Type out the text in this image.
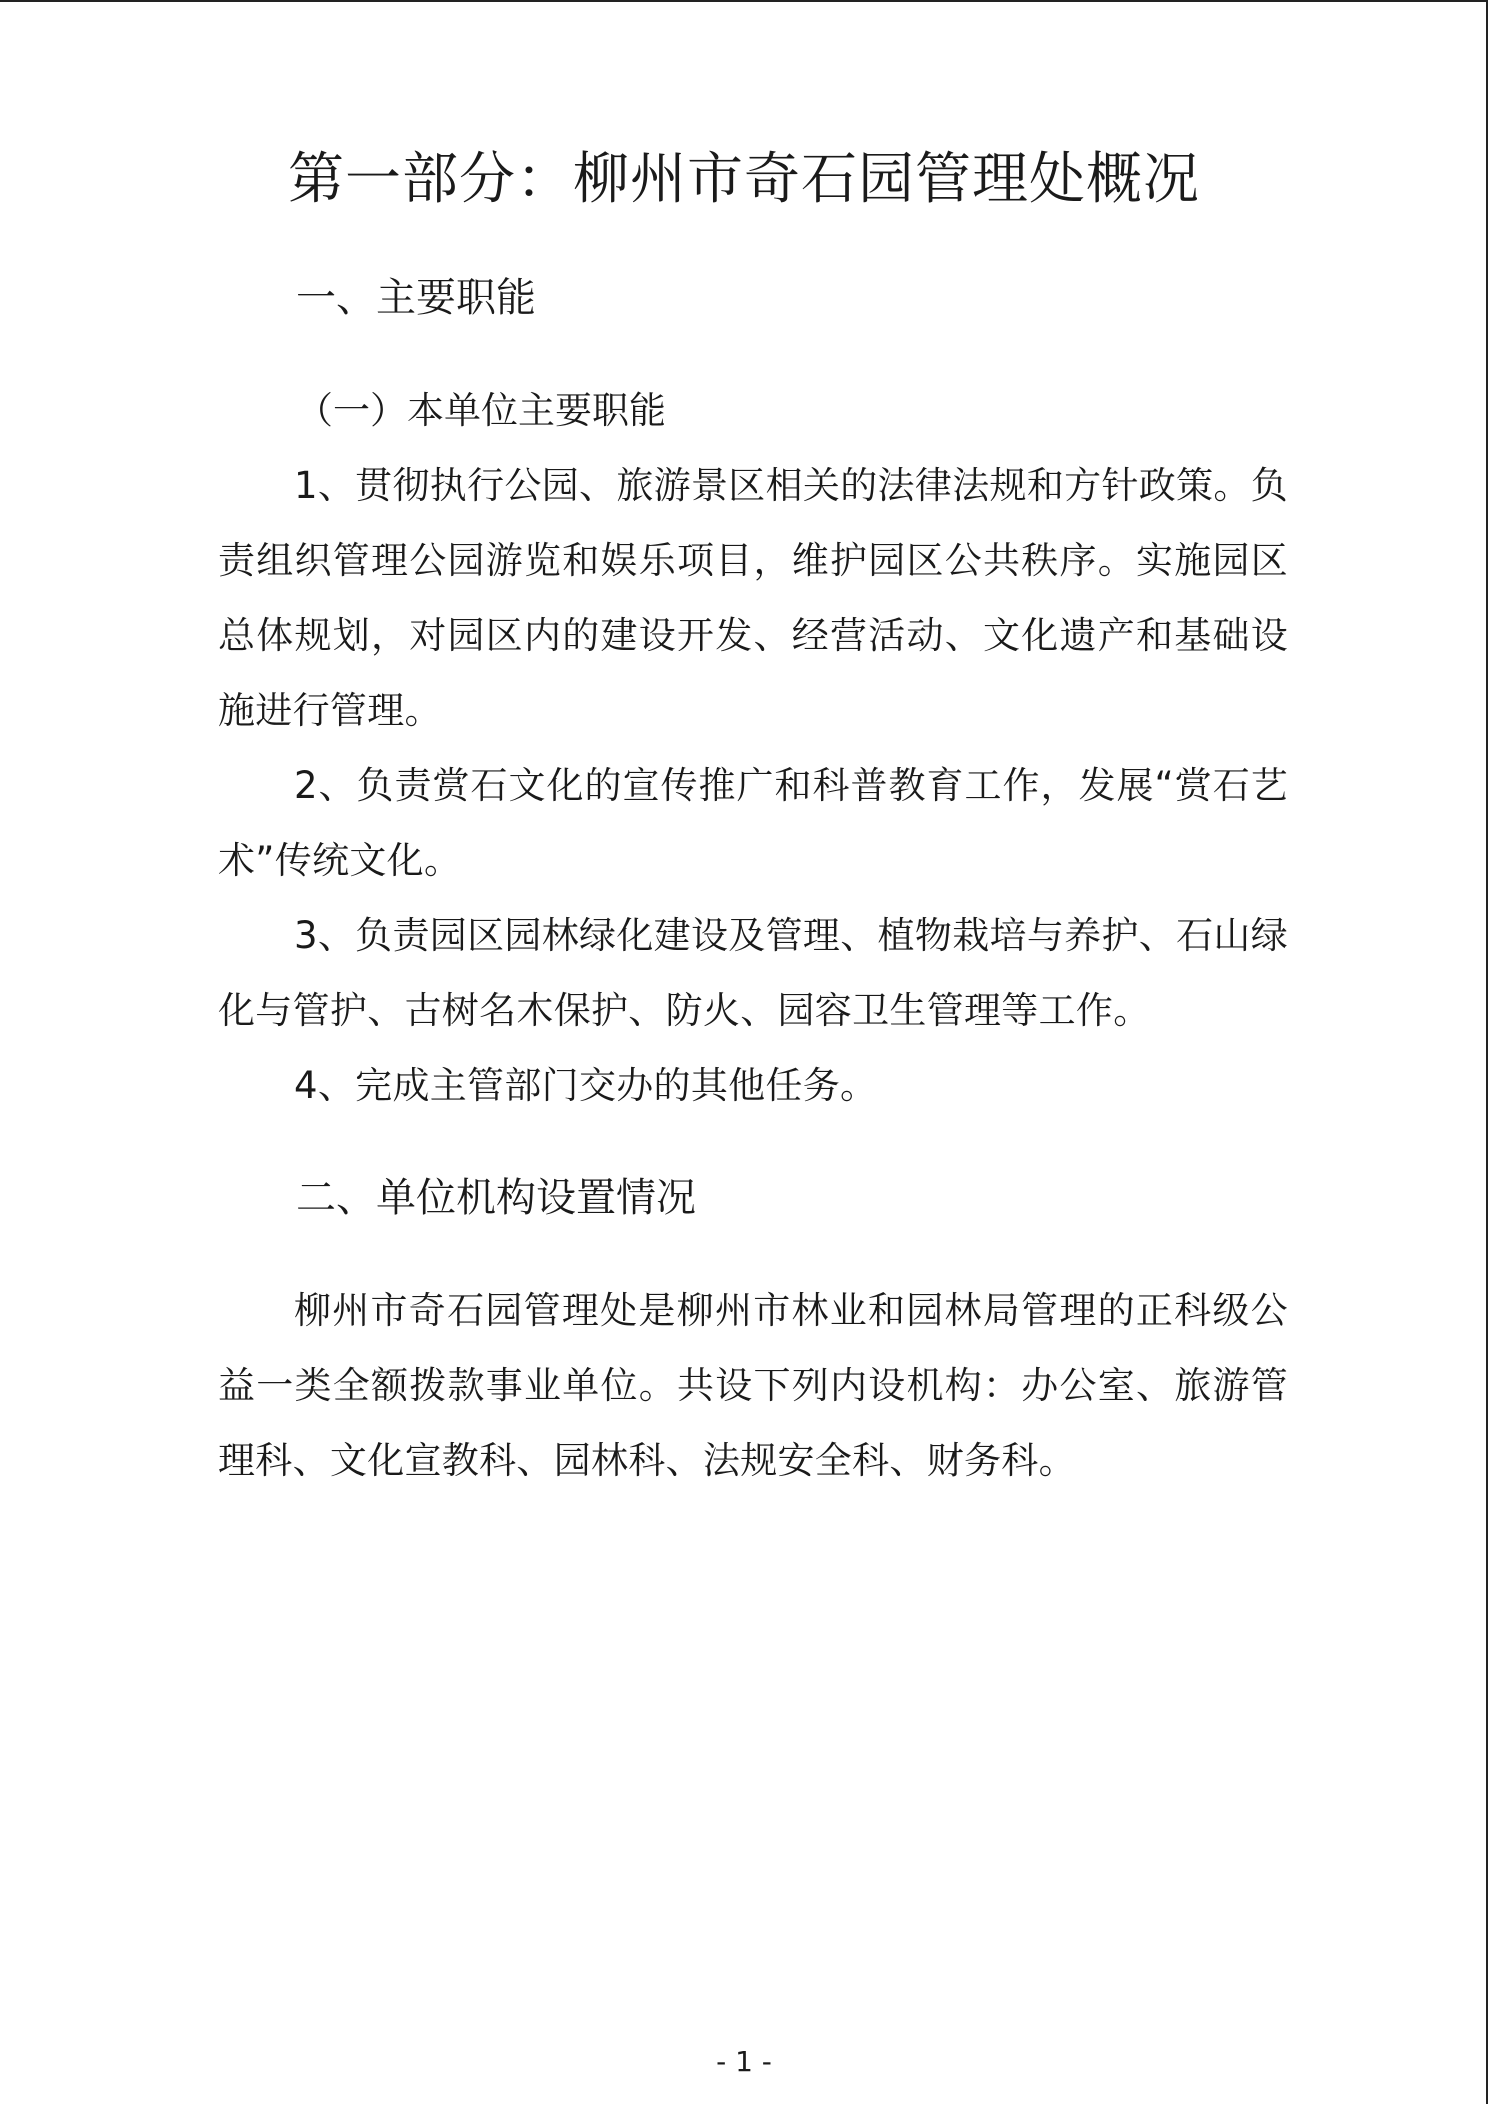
第一部分：柳州市奇石园管理处概况
一、主要职能
（一）本单位主要职能

1、贯彻执行公园、旅游景区相关的法律法规和方针政策。负责组织管理公园游览和娱乐项目，维护园区公共秩序。实施园区总体规划，对园区内的建设开发、经营活动、文化遗产和基础设施进行管理。

2、负责赏石文化的宣传推广和科普教育工作，发展“赏石艺术”传统文化。

3、负责园区园林绿化建设及管理、植物栽培与养护、石山绿化与管护、古树名木保护、防火、园容卫生管理等工作。

4、完成主管部门交办的其他任务。

二、单位机构设置情况

柳州市奇石园管理处是柳州市林业和园林局管理的正科级公益一类全额拨款事业单位。共设下列内设机构：办公室、旅游管理科、文化宣教科、园林科、法规安全科、财务科。

- 1 -
